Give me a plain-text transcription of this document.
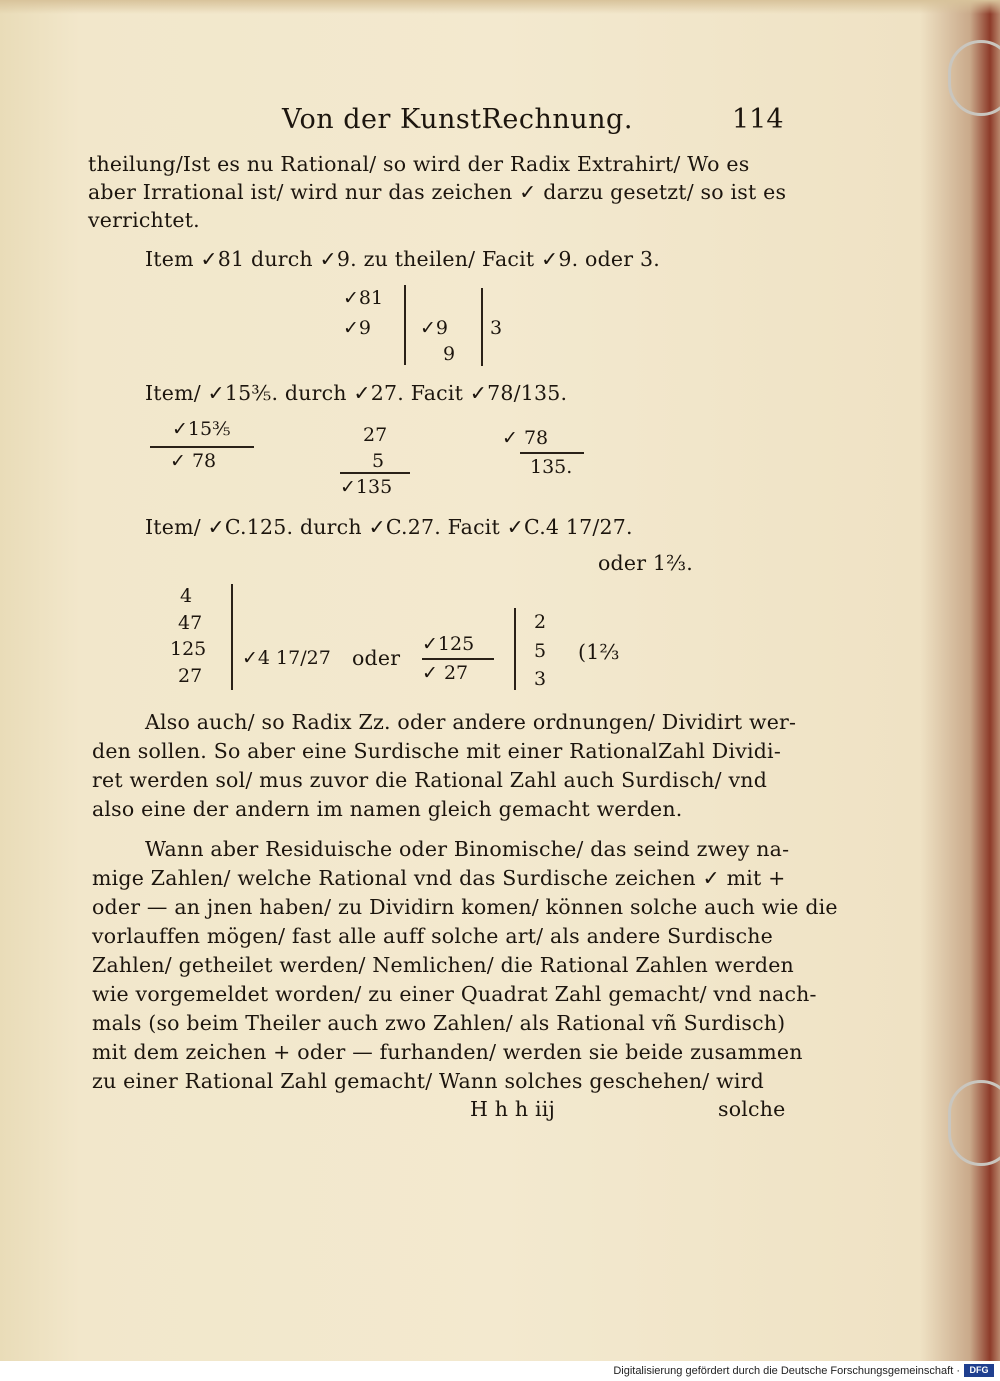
Von der KunstRechnung.	114
theilung/Ist es nu Rational/ so wird der Radix Extrahirt/ Wo es
aber Irrational ist/ wird nur das zeichen ✓ darzu gesetzt/ so ist es
verrichtet.
Item ✓81 durch ✓9. zu theilen/ Facit ✓9. oder 3.
✓81
✓9	✓9
9
3
Item/ ✓15⅗. durch ✓27. Facit ✓78/135.
✓15⅗
✓ 78
27
5
✓135
✓ 78
135.
Item/ ✓C.125. durch ✓C.27. Facit ✓C.4 17/27.
oder 1⅔.
4
47
125
27
✓4 17/27 oder
✓125
✓ 27
2
5
3
(1⅔
Also auch/ so Radix Zz. oder andere ordnungen/ Dividirt wer-
den sollen. So aber eine Surdische mit einer RationalZahl Dividi-
ret werden sol/ mus zuvor die Rational Zahl auch Surdisch/ vnd
also eine der andern im namen gleich gemacht werden.
Wann aber Residuische oder Binomische/ das seind zwey na-
mige Zahlen/ welche Rational vnd das Surdische zeichen ✓ mit +
oder — an jnen haben/ zu Dividirn komen/ können solche auch wie die
vorlauffen mögen/ fast alle auff solche art/ als andere Surdische
Zahlen/ getheilet werden/ Nemlichen/ die Rational Zahlen werden
wie vorgemeldet worden/ zu einer Quadrat Zahl gemacht/ vnd nach-
mals (so beim Theiler auch zwo Zahlen/ als Rational vñ Surdisch)
mit dem zeichen + oder — furhanden/ werden sie beide zusammen
zu einer Rational Zahl gemacht/ Wann solches geschehen/ wird
H h h iij	solche
Digitalisierung gefördert durch die Deutsche Forschungsgemeinschaft ·	DFG
